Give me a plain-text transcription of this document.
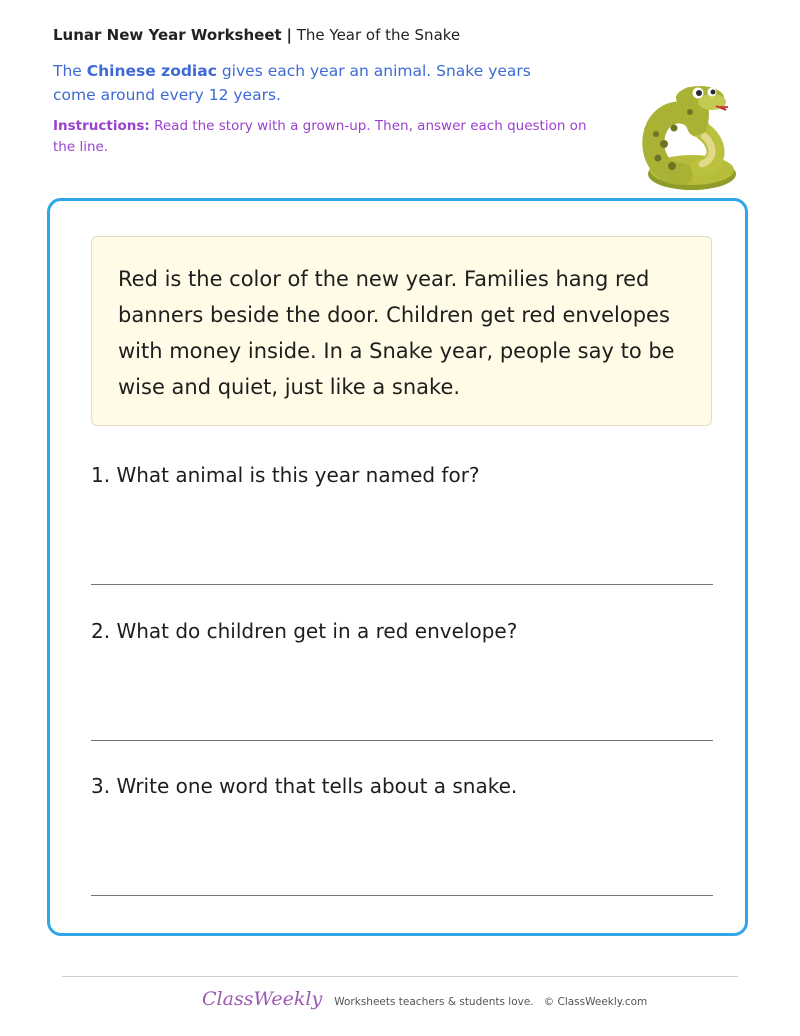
Lunar New Year Worksheet | The Year of the Snake
The Chinese zodiac gives each year an animal. Snake years come around every 12 years.
Instructions: Read the story with a grown-up. Then, answer each question on the line.
Red is the color of the new year. Families hang red banners beside the door. Children get red envelopes with money inside. In a Snake year, people say to be wise and quiet, just like a snake.
1. What animal is this year named for?
2. What do children get in a red envelope?
3. Write one word that tells about a snake.
ClassWeekly Worksheets teachers & students love. © ClassWeekly.com
